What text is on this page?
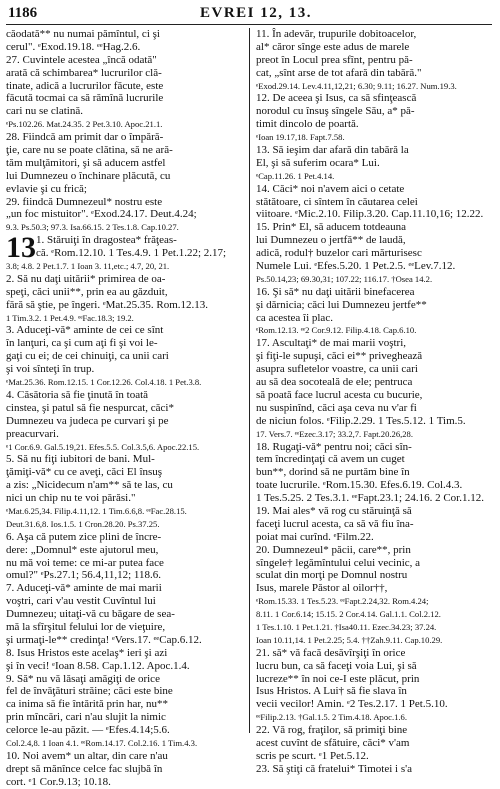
1186	EVREI 12, 13.
căodată** nu numai pămîntul, ci şi
cerul". ᵉExod.19.18. ᵉᵉHag.2.6.
27. Cuvintele acestea „încă odată"
arată că schimbarea* lucrurilor clă-
tinate, adică a lucrurilor făcute, este
făcută tocmai ca să rămînă lucrurile
cari nu se clatină.
ᵉPs.102.26. Mat.24.35. 2 Pet.3.10. Apoc.21.1.
28. Fiindcă am primit dar o împără-
ţie, care nu se poate clătina, să ne ară-
tăm mulţămitori, şi să aducem astfel
lui Dumnezeu o închinare plăcută, cu
evlavie şi cu frică;
29. fiindcă Dumnezeul* nostru este
„un foc mistuitor". ᵉExod.24.17. Deut.4.24;
9.3. Ps.50.3; 97.3. Isa.66.15. 2 Tes.1.8. Cap.10.27.
1. Stăruiţi în dragostea* frăţeas-
că. ᵉRom.12.10. 1 Tes.4.9. 1 Pet.1.22; 2.17;
3.8; 4.8. 2 Pet.1.7. 1 Ioan 3. 11,etc.; 4.7, 20, 21.
2. Să nu daţi uitării* primirea de oa-
speţi, căci unii**, prin ea au găzduit,
fără să ştie, pe îngeri. ᵉMat.25.35. Rom.12.13.
1 Tim.3.2. 1 Pet.4.9. ᵉᵉFac.18.3; 19.2.
3. Aduceţi-vă* aminte de cei ce sînt
în lanţuri, ca şi cum aţi fi şi voi le-
gaţi cu ei; de cei chinuiţi, ca unii cari
şi voi sînteţi în trup.
ᵉMat.25.36. Rom.12.15. 1 Cor.12.26. Col.4.18. 1 Pet.3.8.
4. Căsătoria să fie ţinută în toată
cinstea, şi patul să fie nespurcat, căci*
Dumnezeu va judeca pe curvari şi pe
preacurvari.
ᵉ1 Cor.6.9. Gal.5.19,21. Efes.5.5. Col.3.5,6. Apoc.22.15.
5. Să nu fiţi iubitori de bani. Mul-
ţămiţi-vă* cu ce aveţi, căci El însuş
a zis: „Nicidecum n'am** să te las, cu
nici un chip nu te voi părăsi."
ᵉMat.6.25,34. Filip.4.11,12. 1 Tim.6.6,8. ᵉᵉFac.28.15.
Deut.31.6,8. Ios.1.5. 1 Cron.28.20. Ps.37.25.
6. Aşa că putem zice plini de încre-
dere: „Domnul* este ajutorul meu,
nu mă voi teme: ce mi-ar putea face
omul?" ᵉPs.27.1; 56.4,11,12; 118.6.
7. Aduceţi-vă* aminte de mai marii
voştri, cari v'au vestit Cuvîntul lui
Dumnezeu; uitaţi-vă cu băgare de sea-
mă la sfîrşitul felului lor de vieţuire,
şi urmaţi-le** credinţa! ᵉVers.17. ᵉᵉCap.6.12.
8. Isus Hristos este acelaş* ieri şi azi
şi în veci! ᵉIoan 8.58. Cap.1.12. Apoc.1.4.
9. Să* nu vă lăsaţi amăgiţi de orice
fel de învăţături străine; căci este bine
ca inima să fie întărită prin har, nu**
prin mîncări, cari n'au slujit la nimic
celorce le-au păzit. — ᵉEfes.4.14;5.6.
Col.2.4,8. 1 Ioan 4.1. ᵉᵉRom.14.17. Col.2.16. 1 Tim.4.3.
10. Noi avem* un altar, din care n'au
drept să mănînce celce fac slujbă în
cort. ᵉ1 Cor.9.13; 10.18.
13
11. În adevăr, trupurile dobitoacelor,
al* căror sînge este adus de marele
preot în Locul prea sfînt, pentru pă-
cat, „sînt arse de tot afară din tabără."
ᵉExod.29.14. Lev.4.11,12,21; 6.30; 9.11; 16.27. Num.19.3.
12. De aceea şi Isus, ca să sfinţească
norodul cu însuş sîngele Său, a* pă-
timit dincolo de poartă.
ᵉIoan 19.17,18. Fapt.7.58.
13. Să ieşim dar afară din tabără la
El, şi să suferim ocara* Lui.
ᵉCap.11.26. 1 Pet.4.14.
14. Căci* noi n'avem aici o cetate
stătătoare, ci sîntem în căutarea celei
viitoare. ᵉMic.2.10. Filip.3.20. Cap.11.10,16; 12.22.
15. Prin* El, să aducem totdeauna
lui Dumnezeu o jertfă** de laudă,
adică, rodul† buzelor cari mărturisesc
Numele Lui. ᵉEfes.5.20. 1 Pet.2.5. ᵉᵉLev.7.12.
Ps.50.14,23; 69.30,31; 107.22; 116.17. †Osea 14.2.
16. Şi să* nu daţi uitării binefacerea
şi dărnicia; căci lui Dumnezeu jertfe**
ca acestea îi plac.
ᵉRom.12.13. ᵉᵉ2 Cor.9.12. Filip.4.18. Cap.6.10.
17. Ascultaţi* de mai marii voştri,
şi fiţi-le supuşi, căci ei** priveghează
asupra sufletelor voastre, ca unii cari
au să dea socoteală de ele; pentruca
să poată face lucrul acesta cu bucurie,
nu suspinînd, căci aşa ceva nu v'ar fi
de niciun folos. ᵉFilip.2.29. 1 Tes.5.12. 1 Tim.5.
17. Vers.7. ᵉᵉEzec.3.17; 33.2,7. Fapt.20.26,28.
18. Rugaţi-vă* pentru noi; căci sîn-
tem încredinţaţi că avem un cuget
bun**, dorind să ne purtăm bine în
toate lucrurile. ᵉRom.15.30. Efes.6.19. Col.4.3.
1 Tes.5.25. 2 Tes.3.1. ᵉᵉFapt.23.1; 24.16. 2 Cor.1.12.
19. Mai ales* vă rog cu stăruinţă să
faceţi lucrul acesta, ca să vă fiu îna-
poiat mai curînd. ᵉFilm.22.
20. Dumnezeul* păcii, care**, prin
sîngele† legămîntului celui vecinic, a
sculat din morţi pe Domnul nostru
Isus, marele Păstor al oilor††,
ᵉRom.15.33. 1 Tes.5.23. ᵉᵉFapt.2.24,32. Rom.4.24;
8.11. 1 Cor.6.14; 15.15. 2 Cor.4.14. Gal.1.1. Col.2.12.
1 Tes.1.10. 1 Pet.1.21. †Isa40.11. Ezec.34.23; 37.24.
Ioan 10.11,14. 1 Pet.2.25; 5.4. ††Zah.9.11. Cap.10.29.
21. să* vă facă desăvîrşiţi în orice
lucru bun, ca să faceţi voia Lui, şi să
lucreze** în noi ce-I este plăcut, prin
Isus Hristos. A Lui† să fie slava în
vecii vecilor! Amin. ᵉ2 Tes.2.17. 1 Pet.5.10.
ᵉᵉFilip.2.13. †Gal.1.5. 2 Tim.4.18. Apoc.1.6.
22. Vă rog, fraţilor, să primiţi bine
acest cuvînt de sfătuire, căci* v'am
scris pe scurt. ᵉ1 Pet.5.12.
23. Să ştiţi că fratelui* Timotei i s'a
